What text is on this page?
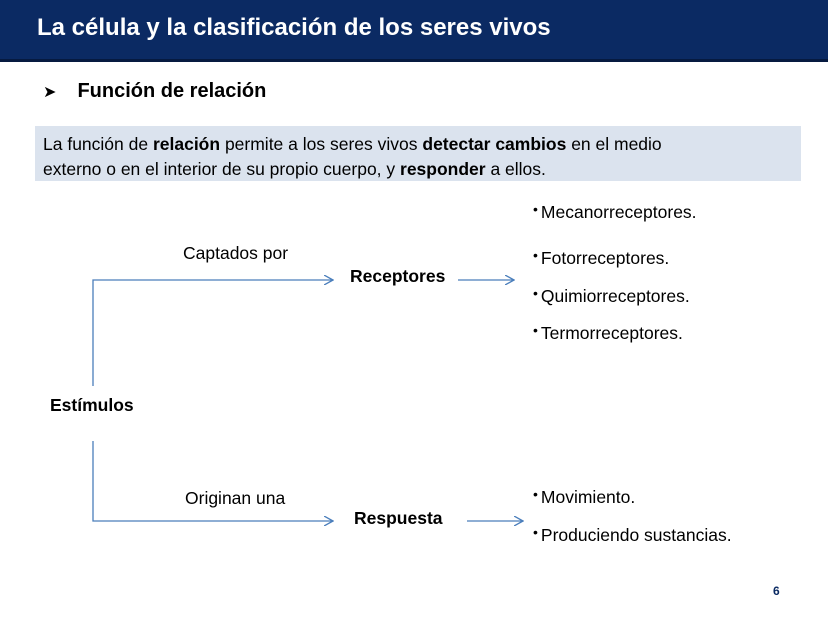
La célula y la clasificación de los seres vivos
➤ Función de relación
La función de relación permite a los seres vivos detectar cambios en el medio
externo o en el interior de su propio cuerpo, y responder a ellos.
Estímulos
Captados por
Receptores
Originan una
Respuesta
• Mecanorreceptores.
• Fotorreceptores.
• Quimiorreceptores.
• Termorreceptores.
• Movimiento.
• Produciendo sustancias.
6
